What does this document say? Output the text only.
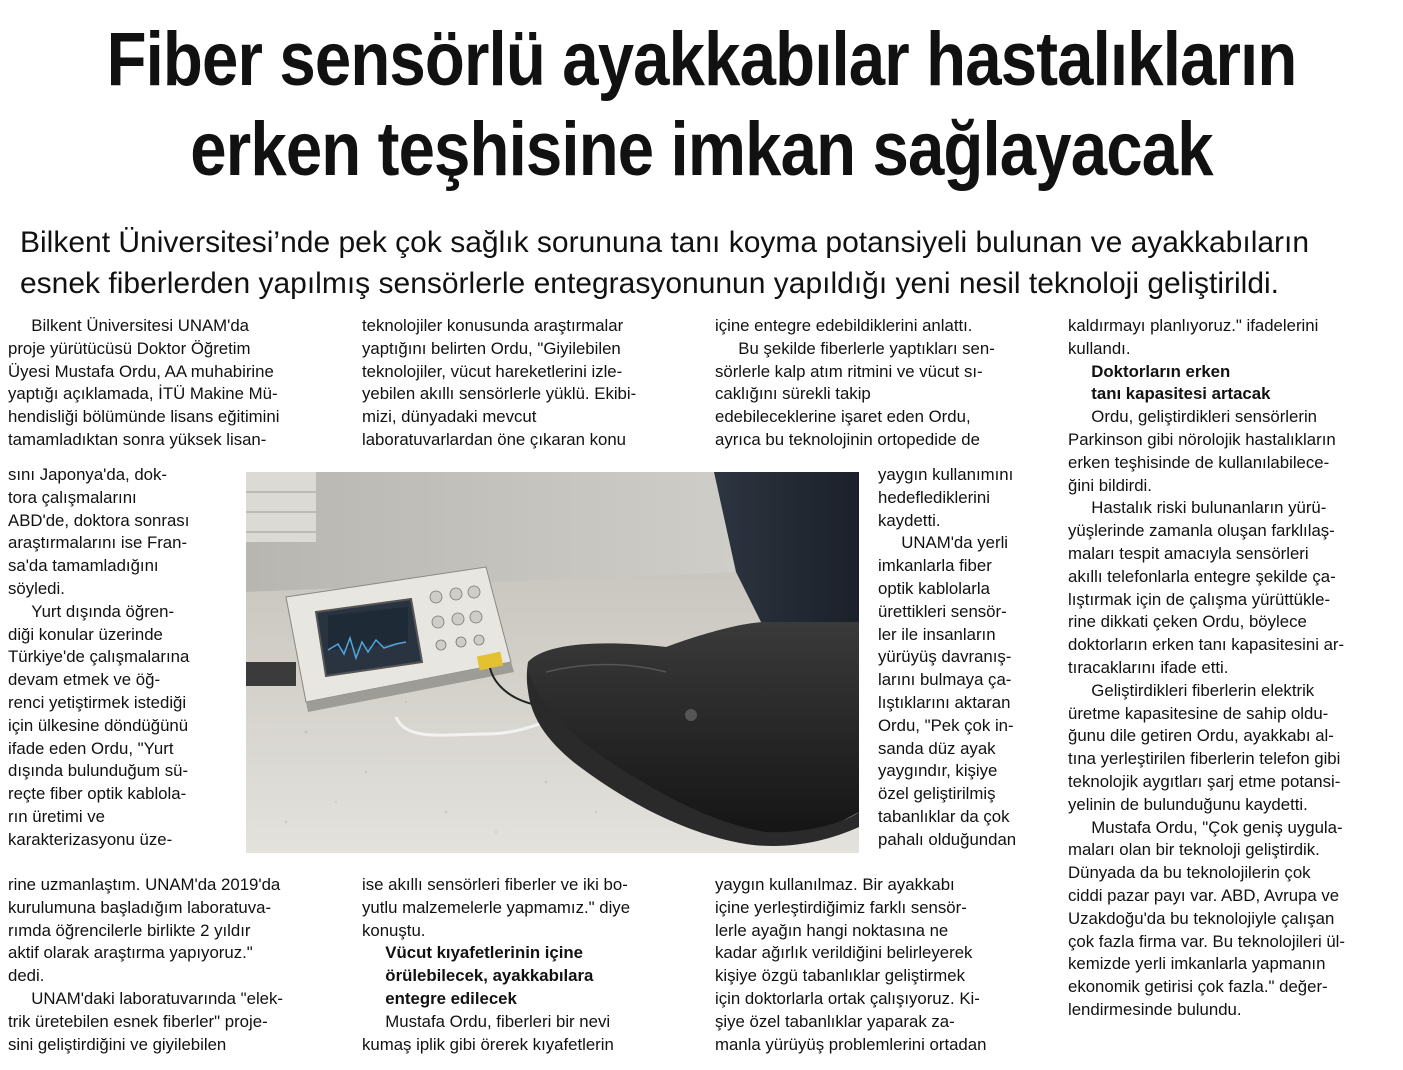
Fiber sensörlü ayakkabılar hastalıkların
erken teşhisine imkan sağlayacak
Bilkent Üniversitesi’nde pek çok sağlık sorununa tanı koyma potansiyeli bulunan ve ayakkabıların
esnek fiberlerden yapılmış sensörlerle entegrasyonunun yapıldığı yeni nesil teknoloji geliştirildi.
Bilkent Üniversitesi UNAM'da
proje yürütücüsü Doktor Öğretim
Üyesi Mustafa Ordu, AA muhabirine
yaptığı açıklamada, İTÜ Makine Mü-
hendisliği bölümünde lisans eğitimini
tamamladıktan sonra yüksek lisan-
sını Japonya'da, dok-
tora çalışmalarını
ABD'de, doktora sonrası
araştırmalarını ise Fran-
sa'da tamamladığını
söyledi.
Yurt dışında öğren-
diği konular üzerinde
Türkiye'de çalışmalarına
devam etmek ve öğ-
renci yetiştirmek istediği
için ülkesine döndüğünü
ifade eden Ordu, "Yurt
dışında bulunduğum sü-
reçte fiber optik kablola-
rın üretimi ve
karakterizasyonu üze-
rine uzmanlaştım. UNAM'da 2019'da
kurulumuna başladığım laboratuva-
rımda öğrencilerle birlikte 2 yıldır
aktif olarak araştırma yapıyoruz."
dedi.
UNAM'daki laboratuvarında "elek-
trik üretebilen esnek fiberler" proje-
sini geliştirdiğini ve giyilebilen
teknolojiler konusunda araştırmalar
yaptığını belirten Ordu, "Giyilebilen
teknolojiler, vücut hareketlerini izle-
yebilen akıllı sensörlerle yüklü. Ekibi-
mizi, dünyadaki mevcut
laboratuvarlardan öne çıkaran konu
ise akıllı sensörleri fiberler ve iki bo-
yutlu malzemelerle yapmamız." diye
konuştu.
Vücut kıyafetlerinin içine
örülebilecek, ayakkabılara
entegre edilecek
Mustafa Ordu, fiberleri bir nevi
kumaş iplik gibi örerek kıyafetlerin
içine entegre edebildiklerini anlattı.
Bu şekilde fiberlerle yaptıkları sen-
sörlerle kalp atım ritmini ve vücut sı-
caklığını sürekli takip
edebileceklerine işaret eden Ordu,
ayrıca bu teknolojinin ortopedide de
yaygın kullanımını
hedeflediklerini
kaydetti.
UNAM'da yerli
imkanlarla fiber
optik kablolarla
ürettikleri sensör-
ler ile insanların
yürüyüş davranış-
larını bulmaya ça-
lıştıklarını aktaran
Ordu, "Pek çok in-
sanda düz ayak
yaygındır, kişiye
özel geliştirilmiş
tabanlıklar da çok
pahalı olduğundan
yaygın kullanılmaz. Bir ayakkabı
içine yerleştirdiğimiz farklı sensör-
lerle ayağın hangi noktasına ne
kadar ağırlık verildiğini belirleyerek
kişiye özgü tabanlıklar geliştirmek
için doktorlarla ortak çalışıyoruz. Ki-
şiye özel tabanlıklar yaparak za-
manla yürüyüş problemlerini ortadan
kaldırmayı planlıyoruz." ifadelerini
kullandı.
Doktorların erken
tanı kapasitesi artacak
Ordu, geliştirdikleri sensörlerin
Parkinson gibi nörolojik hastalıkların
erken teşhisinde de kullanılabilece-
ğini bildirdi.
Hastalık riski bulunanların yürü-
yüşlerinde zamanla oluşan farklılaş-
maları tespit amacıyla sensörleri
akıllı telefonlarla entegre şekilde ça-
lıştırmak için de çalışma yürüttükle-
rine dikkati çeken Ordu, böylece
doktorların erken tanı kapasitesini ar-
tıracaklarını ifade etti.
Geliştirdikleri fiberlerin elektrik
üretme kapasitesine de sahip oldu-
ğunu dile getiren Ordu, ayakkabı al-
tına yerleştirilen fiberlerin telefon gibi
teknolojik aygıtları şarj etme potansi-
yelinin de bulunduğunu kaydetti.
Mustafa Ordu, "Çok geniş uygula-
maları olan bir teknoloji geliştirdik.
Dünyada da bu teknolojilerin çok
ciddi pazar payı var. ABD, Avrupa ve
Uzakdoğu'da bu teknolojiyle çalışan
çok fazla firma var. Bu teknolojileri ül-
kemizde yerli imkanlarla yapmanın
ekonomik getirisi çok fazla." değer-
lendirmesinde bulundu.
